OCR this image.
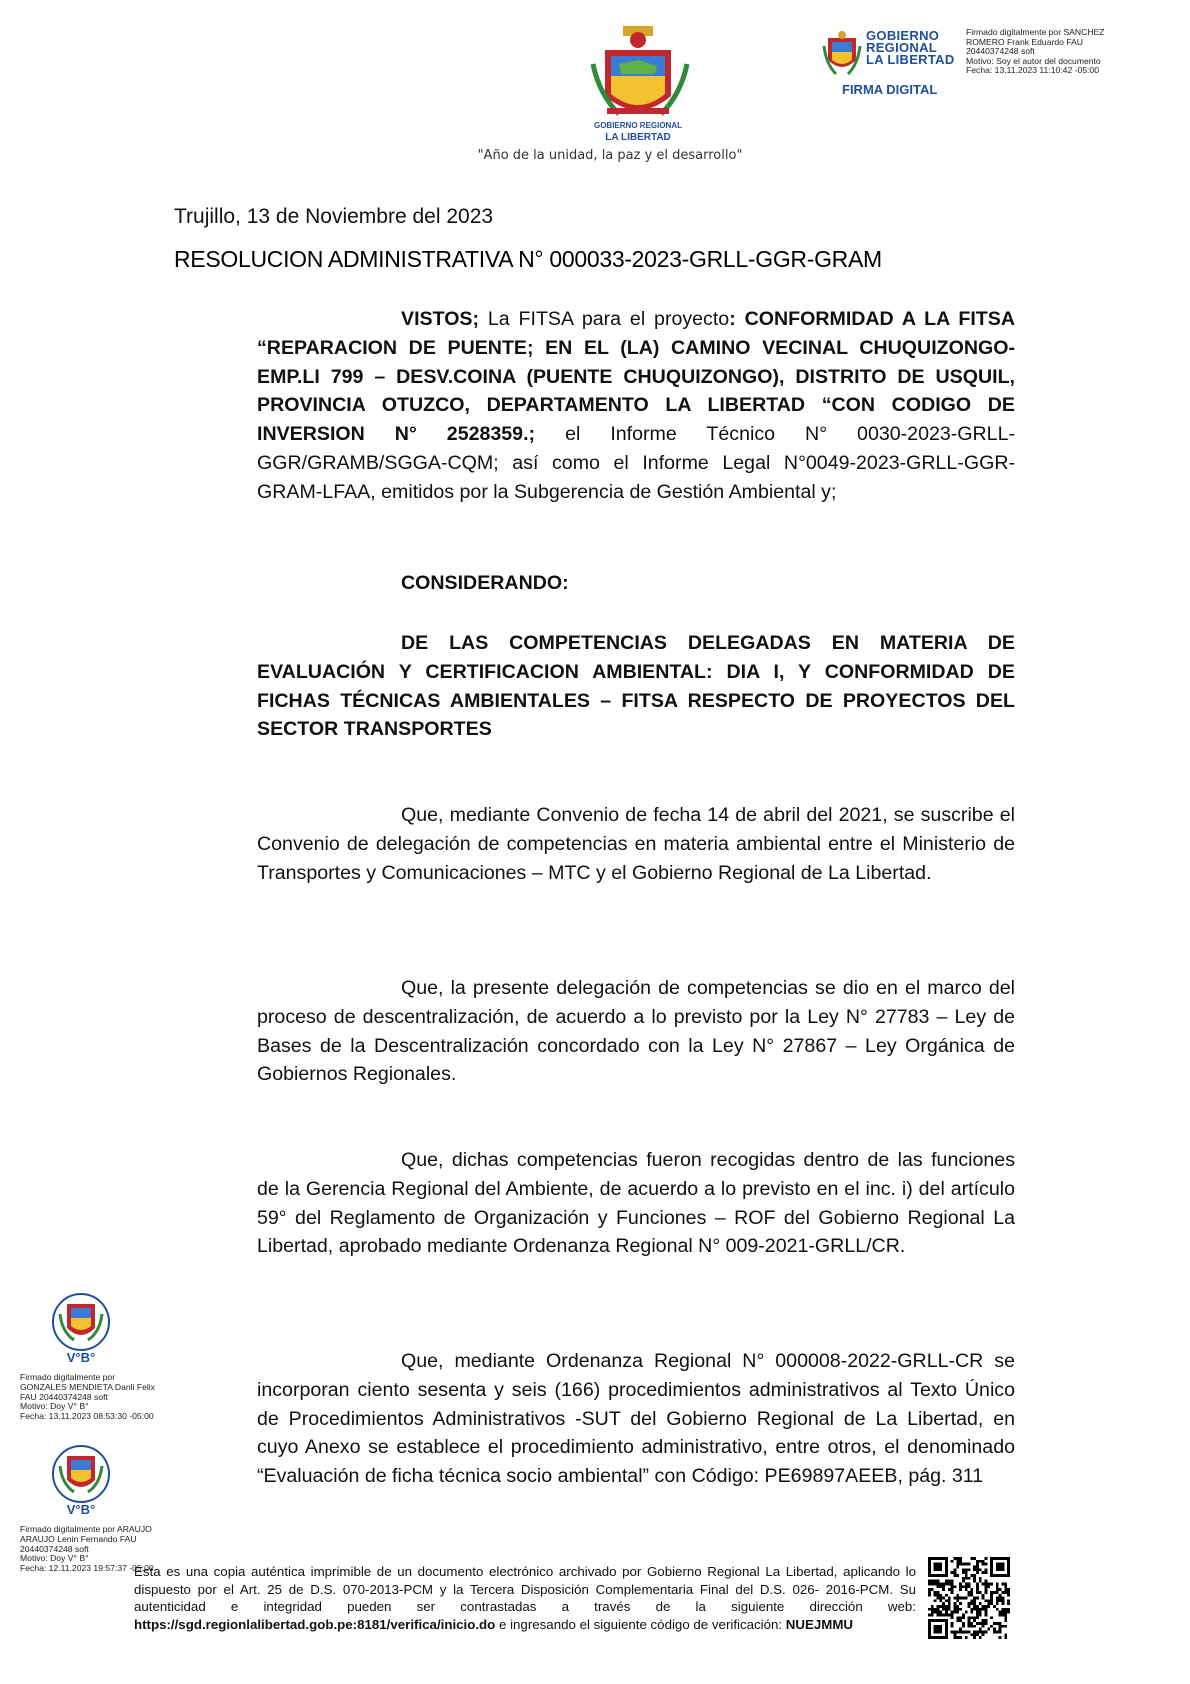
GOBIERNO REGIONAL
LA LIBERTAD
"Año de la unidad, la paz y el desarrollo"
GOBIERNO
REGIONAL
LA LIBERTAD
FIRMA DIGITAL
Firmado digitalmente por SANCHEZ
ROMERO Frank Eduardo FAU
20440374248 soft
Motivo: Soy el autor del documento
Fecha: 13.11.2023 11:10:42 -05:00
Trujillo, 13 de Noviembre del 2023
RESOLUCION ADMINISTRATIVA N° 000033-2023-GRLL-GGR-GRAM

VISTOS; La FITSA para el proyecto: CONFORMIDAD A LA FITSA “REPARACION DE PUENTE; EN EL (LA) CAMINO VECINAL CHUQUIZONGO-EMP.LI 799 – DESV.COINA (PUENTE CHUQUIZONGO), DISTRITO DE USQUIL, PROVINCIA OTUZCO, DEPARTAMENTO LA LIBERTAD “CON CODIGO DE INVERSION N° 2528359.; el Informe Técnico N° 0030-2023-GRLL-GGR/GRAMB/SGGA-CQM; así como el Informe Legal N°0049-2023-GRLL-GGR-GRAM-LFAA, emitidos por la Subgerencia de Gestión Ambiental y;

CONSIDERANDO:

DE LAS COMPETENCIAS DELEGADAS EN MATERIA DE EVALUACIÓN Y CERTIFICACION AMBIENTAL: DIA I, Y CONFORMIDAD DE FICHAS TÉCNICAS AMBIENTALES – FITSA RESPECTO DE PROYECTOS DEL SECTOR TRANSPORTES

Que, mediante Convenio de fecha 14 de abril del 2021, se suscribe el Convenio de delegación de competencias en materia ambiental entre el Ministerio de Transportes y Comunicaciones – MTC y el Gobierno Regional de La Libertad.

Que, la presente delegación de competencias se dio en el marco del proceso de descentralización, de acuerdo a lo previsto por la Ley N° 27783 – Ley de Bases de la Descentralización concordado con la Ley N° 27867 – Ley Orgánica de Gobiernos Regionales.

Que, dichas competencias fueron recogidas dentro de las funciones de la Gerencia Regional del Ambiente, de acuerdo a lo previsto en el inc. i) del artículo 59° del Reglamento de Organización y Funciones – ROF del Gobierno Regional La Libertad, aprobado mediante Ordenanza Regional N° 009-2021-GRLL/CR.

Que, mediante Ordenanza Regional N° 000008-2022-GRLL-CR se incorporan ciento sesenta y seis (166) procedimientos administrativos al Texto Único de Procedimientos Administrativos -SUT del Gobierno Regional de La Libertad, en cuyo Anexo se establece el procedimiento administrativo, entre otros, el denominado “Evaluación de ficha técnica socio ambiental” con Código: PE69897AEEB, pág. 311

V°B°
Firmado digitalmente por
GONZALES MENDIETA Danli Felix
FAU 20440374248 soft
Motivo: Doy V° B°
Fecha: 13.11.2023 08:53:30 -05:00
V°B°
Firmado digitalmente por ARAUJO
ARAUJO Lenin Fernando FAU
20440374248 soft
Motivo: Doy V° B°
Fecha: 12.11.2023 19:57:37 -05:00
Esta es una copia auténtica imprimible de un documento electrónico archivado por Gobierno Regional La Libertad, aplicando lo dispuesto por el Art. 25 de D.S. 070-2013-PCM y la Tercera Disposición Complementaria Final del D.S. 026- 2016-PCM. Su autenticidad e integridad pueden ser contrastadas a través de la siguiente dirección web: https://sgd.regionlalibertad.gob.pe:8181/verifica/inicio.do e ingresando el siguiente código de verificación: NUEJMMU
